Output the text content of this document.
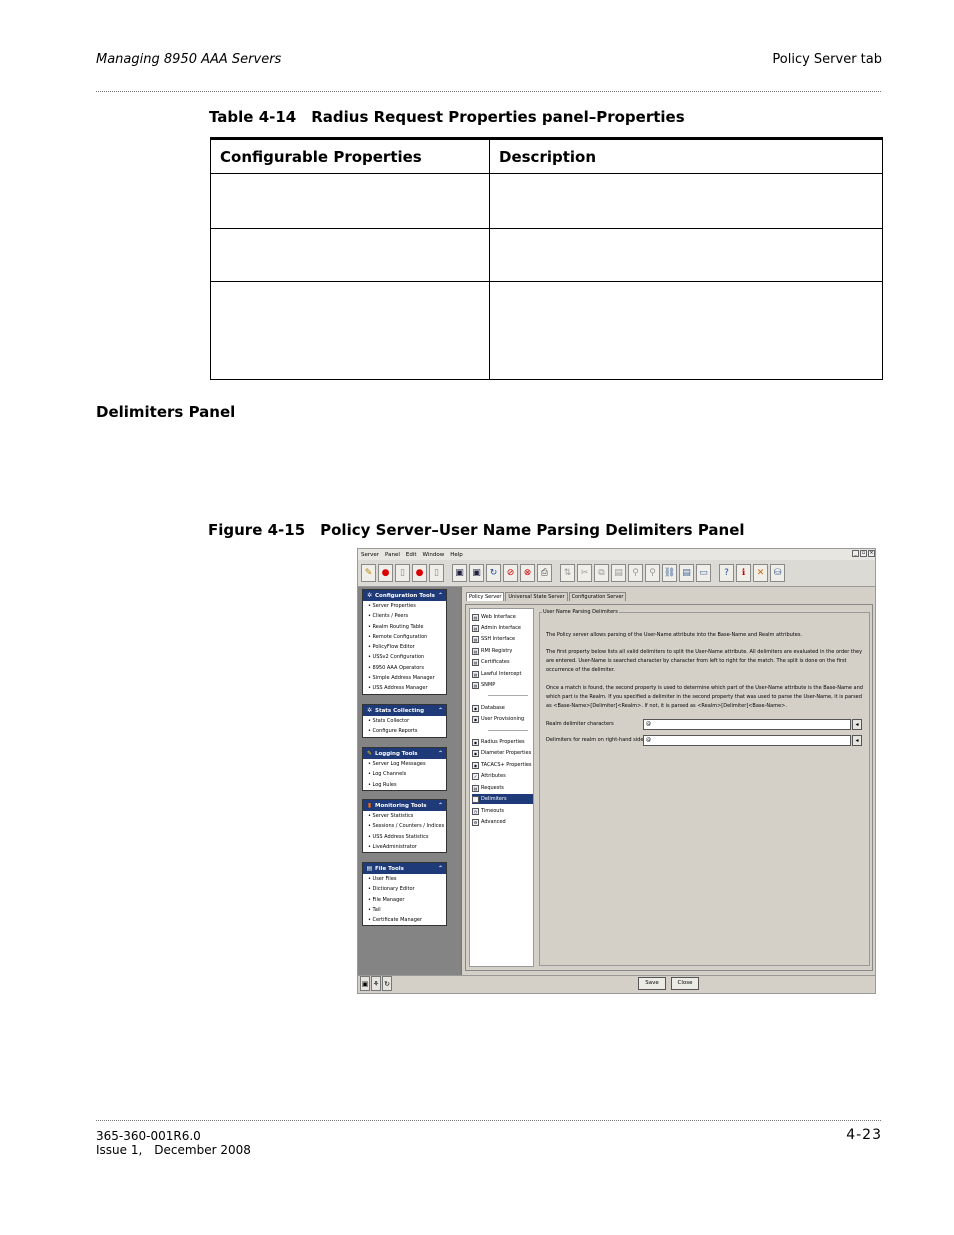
Managing 8950 AAA Servers	Policy Server tab
Table 4-14 Radius Request Properties panel–Properties
Configurable Properties	Description

Delimiters Panel
Figure 4-15 Policy Server–User Name Parsing Delimiters Panel
Server Panel Edit Window Help	_	▫ ×
✎	●	▯	●	▯	▣ ▣ ↻	⊘	⊗	⎙	⇅	✂	⧉	▤	⚲	⚲ ⛓ ▤ ▭	?	ℹ	✕	⛁
✲ Configuration Tools ⌃
• Server Properties
• Clients / Peers
• Realm Routing Table
• Remote Configuration
• PolicyFlow Editor
• USSv2 Configuration
• 8950 AAA Operators
• Simple Address Manager
• USS Address Manager
✲ Stats Collecting ⌃
• Stats Collector
• Configure Reports
✎ Logging Tools	⌃
• Server Log Messages
• Log Channels
• Log Rules
▮ Monitoring Tools ⌃
• Server Statistics
• Sessions / Counters / Indices
• USS Address Statistics
• LiveAdministrator
▤ File Tools	⌃
• User Files
• Dictionary Editor
• File Manager
• Tail
• Certificate Manager
Policy Server	Universal State Server	Configuration Server
▤ Web Interface
▤ Admin Interface
▤ SSH Interface
▤ RMI Registry
▤ Certificates
▤ Lawful Intercept
▤ SNMP
◉ Database
◉ User Provisioning
◉ Radius Properties
◉ Diameter Properties
◉ TACACS+ Properties
✓ Attributes
▤ Requests
▤ Delimiters
◷ Timeouts
⚙ Advanced
User Name Parsing Delimiters
The Policy server allows parsing of the User-Name attribute into the Base-Name and Realm attributes.
The first property below lists all valid delimiters to split the User-Name attribute. All delimiters are evaluated in the order they are entered. User-Name is searched character by character from left to right for the match. The split is done on the first occurrence of the delimiter.
Once a match is found, the second property is used to determine which part of the User-Name attribute is the Base-Name and which part is the Realm. If you specified a delimiter in the second property that was used to parse the User-Name, it is parsed as <Base-Name>[Delimiter]<Realm>. If not, it is parsed as <Realm>[Delimiter]<Base-Name>.
Realm delimiter characters	@	◂
Delimiters for realm on right-hand side @	◂
▣ ⚘ ↻	Save	Close
365-360-001R6.0
Issue 1, December 2008
4-23
